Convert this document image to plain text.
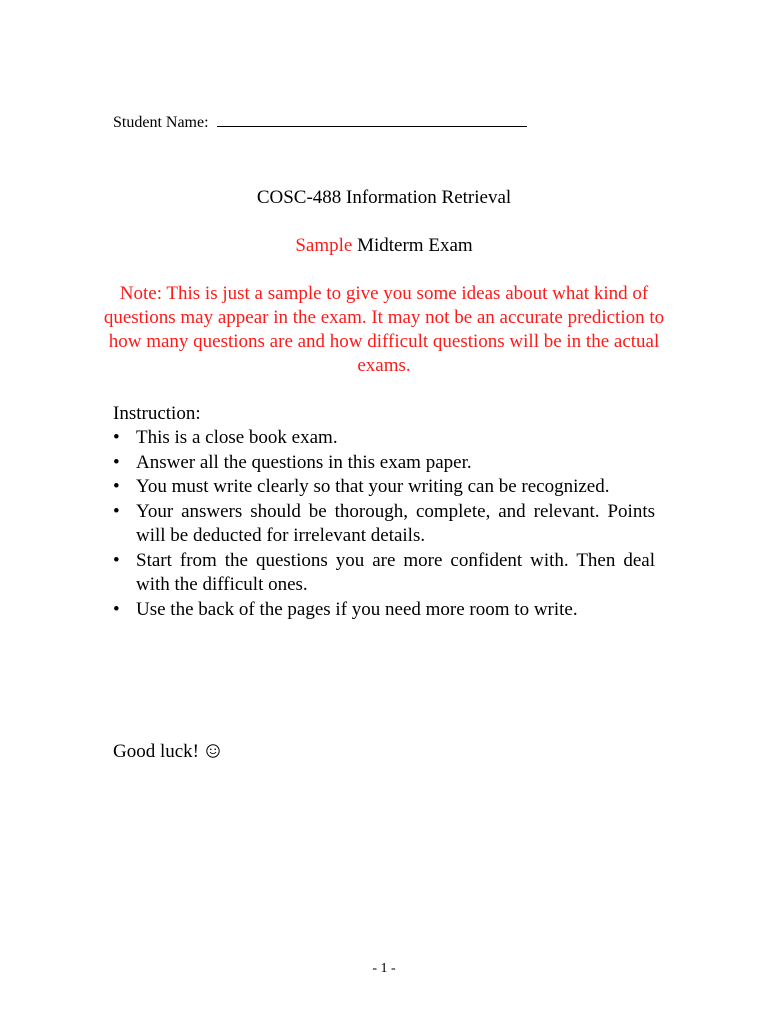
Student Name:
COSC-488 Information Retrieval
Sample Midterm Exam
Note: This is just a sample to give you some ideas about what kind of questions may appear in the exam. It may not be an accurate prediction to how many questions are and how difficult questions will be in the actual exams.
Instruction:
• This is a close book exam.
• Answer all the questions in this exam paper.
• You must write clearly so that your writing can be recognized.
• Your answers should be thorough, complete, and relevant. Points will be deducted for irrelevant details.
• Start from the questions you are more confident with. Then deal with the difficult ones.
• Use the back of the pages if you need more room to write.
Good luck!
- 1 -
